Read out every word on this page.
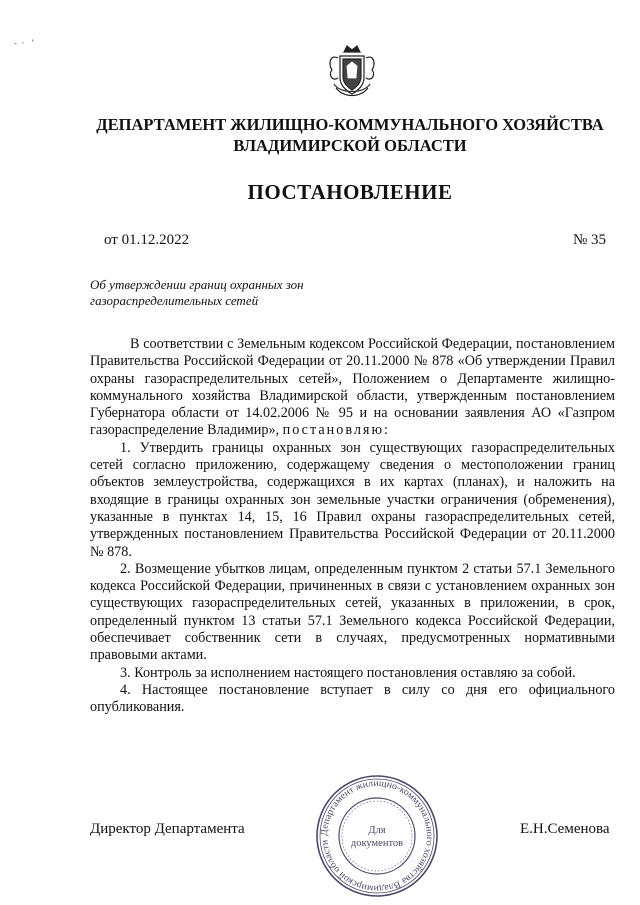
-  ·   ʼ
ДЕПАРТАМЕНТ ЖИЛИЩНО-КОММУНАЛЬНОГО ХОЗЯЙСТВА
ВЛАДИМИРСКОЙ ОБЛАСТИ
ПОСТАНОВЛЕНИЕ
от 01.12.2022	№ 35
Об утверждении границ охранных зон
газораспределительных сетей

В соответствии с Земельным кодексом Российской Федерации, постановлением Правительства Российской Федерации от 20.11.2000 № 878 «Об утверждении Правил охраны газораспределительных сетей», Положением о Департаменте жилищно-коммунального хозяйства Владимирской области, утвержденным постановлением Губернатора области от 14.02.2006 № 95 и на основании заявления АО «Газпром газораспределение Владимир», постановляю:

1. Утвердить границы охранных зон существующих газораспределительных сетей согласно приложению, содержащему сведения о местоположении границ объектов землеустройства, содержащихся в их картах (планах), и наложить на входящие в границы охранных зон земельные участки ограничения (обременения), указанные в пунктах 14, 15, 16 Правил охраны газораспределительных сетей, утвержденных постановлением Правительства Российской Федерации от 20.11.2000 № 878.

2. Возмещение убытков лицам, определенным пунктом 2 статьи 57.1 Земельного кодекса Российской Федерации, причиненных в связи с установлением охранных зон существующих газораспределительных сетей, указанных в приложении, в срок, определенный пунктом 13 статьи 57.1 Земельного кодекса Российской Федерации, обеспечивает собственник сети в случаях, предусмотренных нормативными правовыми актами.

3. Контроль за исполнением настоящего постановления оставляю за собой.

4. Настоящее постановление вступает в силу со дня его официального опубликования.

Директор Департамента	Е.Н.Семенова
Департамент жилищно-коммунального хозяйства Владимирской области
Для
документов
